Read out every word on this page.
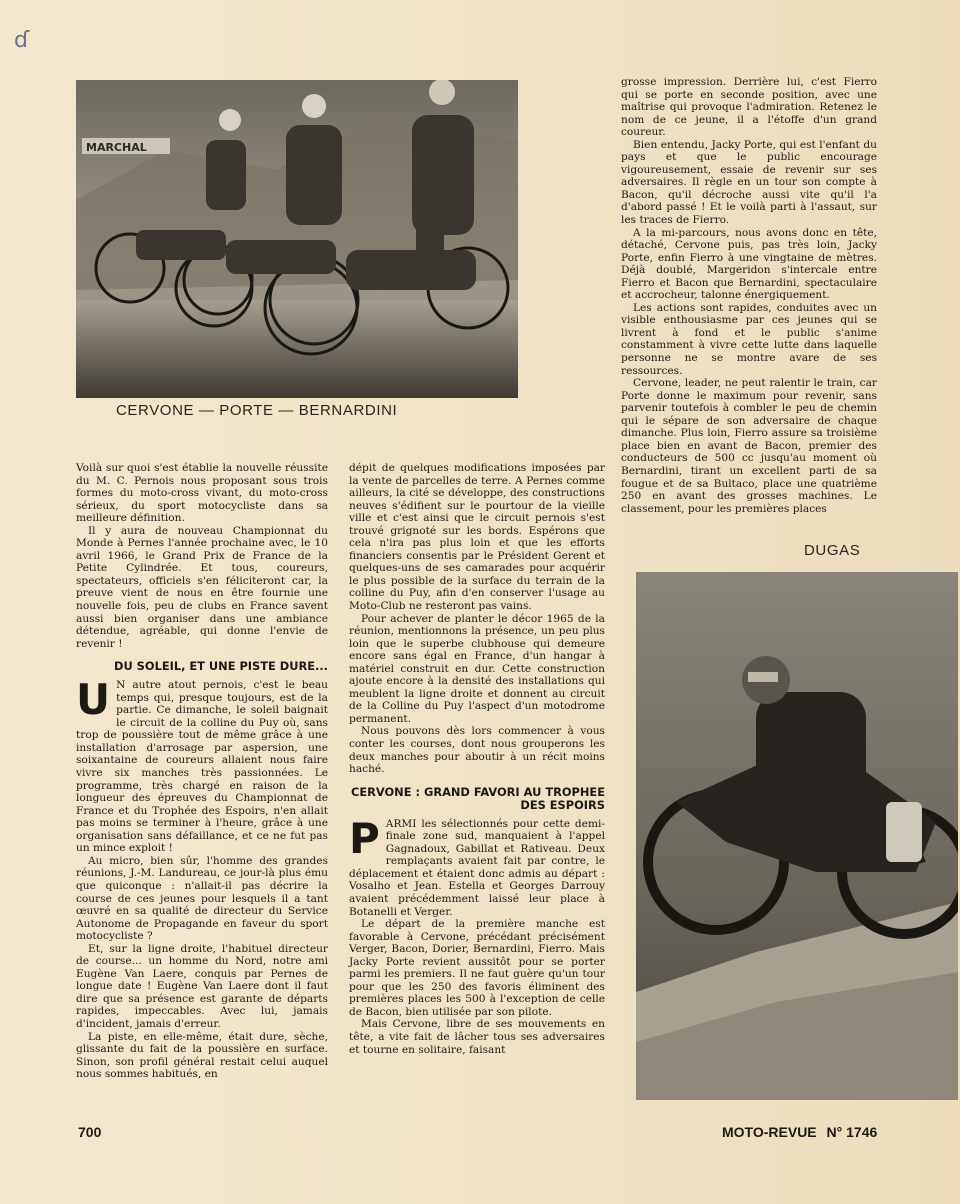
ɗ
MARCHAL
CERVONE — PORTE — BERNARDINI

grosse impression. Derrière lui, c'est Fierro qui se porte en seconde position, avec une maîtrise qui provoque l'admiration. Retenez le nom de ce jeune, il a l'étoffe d'un grand coureur.

Bien entendu, Jacky Porte, qui est l'enfant du pays et que le public encourage vigoureusement, essaie de revenir sur ses adversaires. Il règle en un tour son compte à Bacon, qu'il décroche aussi vite qu'il l'a d'abord passé ! Et le voilà parti à l'assaut, sur les traces de Fierro.

A la mi-parcours, nous avons donc en tête, détaché, Cervone puis, pas très loin, Jacky Porte, enfin Fierro à une vingtaine de mètres. Déjà doublé, Margeridon s'intercale entre Fierro et Bacon que Bernardini, spectaculaire et accrocheur, talonne énergiquement.

Les actions sont rapides, conduites avec un visible enthousiasme par ces jeunes qui se livrent à fond et le public s'anime constamment à vivre cette lutte dans laquelle personne ne se montre avare de ses ressources.

Cervone, leader, ne peut ralentir le train, car Porte donne le maximum pour revenir, sans parvenir toutefois à combler le peu de chemin qui le sépare de son adversaire de chaque dimanche. Plus loin, Fierro assure sa troisième place bien en avant de Bacon, premier des conducteurs de 500 cc jusqu'au moment où Bernardini, tirant un excellent parti de sa fougue et de sa Bultaco, place une quatrième 250 en avant des grosses machines. Le classement, pour les premières places

DUGAS

Voilà sur quoi s'est établie la nouvelle réussite du M. C. Pernois nous proposant sous trois formes du moto-cross vivant, du moto-cross sérieux, du sport motocycliste dans sa meilleure définition.

Il y aura de nouveau Championnat du Monde à Pernes l'année prochaine avec, le 10 avril 1966, le Grand Prix de France de la Petite Cylindrée. Et tous, coureurs, spectateurs, officiels s'en féliciteront car, la preuve vient de nous en être fournie une nouvelle fois, peu de clubs en France savent aussi bien organiser dans une ambiance détendue, agréable, qui donne l'envie de revenir !

DU SOLEIL, ET UNE PISTE DURE...

U N autre atout pernois, c'est le beau temps qui, presque toujours, est de la partie. Ce dimanche, le soleil baignait le circuit de la colline du Puy où, sans trop de poussière tout de même grâce à une installation d'arrosage par aspersion, une soixantaine de coureurs allaient nous faire vivre six manches très passionnées. Le programme, très chargé en raison de la longueur des épreuves du Championnat de France et du Trophée des Espoirs, n'en allait pas moins se terminer à l'heure, grâce à une organisation sans défaillance, et ce ne fut pas un mince exploit !

Au micro, bien sûr, l'homme des grandes réunions, J.-M. Landureau, ce jour-là plus ému que quiconque : n'allait-il pas décrire la course de ces jeunes pour lesquels il a tant œuvré en sa qualité de directeur du Service Autonome de Propagande en faveur du sport motocycliste ?

Et, sur la ligne droite, l'habituel directeur de course... un homme du Nord, notre ami Eugène Van Laere, conquis par Pernes de longue date ! Eugène Van Laere dont il faut dire que sa présence est garante de départs rapides, impeccables. Avec lui, jamais d'incident, jamais d'erreur.

La piste, en elle-même, était dure, sèche, glissante du fait de la poussière en surface. Sinon, son profil général restait celui auquel nous sommes habitués, en

dépit de quelques modifications imposées par la vente de parcelles de terre. A Pernes comme ailleurs, la cité se développe, des constructions neuves s'édifient sur le pourtour de la vieille ville et c'est ainsi que le circuit pernois s'est trouvé grignoté sur les bords. Espérons que cela n'ira pas plus loin et que les efforts financiers consentis par le Président Gerent et quelques-uns de ses camarades pour acquérir le plus possible de la surface du terrain de la colline du Puy, afin d'en conserver l'usage au Moto-Club ne resteront pas vains.

Pour achever de planter le décor 1965 de la réunion, mentionnons la présence, un peu plus loin que le superbe clubhouse qui demeure encore sans égal en France, d'un hangar à matériel construit en dur. Cette construction ajoute encore à la densité des installations qui meublent la ligne droite et donnent au circuit de la Colline du Puy l'aspect d'un motodrome permanent.

Nous pouvons dès lors commencer à vous conter les courses, dont nous grouperons les deux manches pour aboutir à un récit moins haché.

CERVONE : GRAND FAVORI AU TROPHEE DES ESPOIRS

PARMI les sélectionnés pour cette demi-finale zone sud, manquaient à l'appel Gagnadoux, Gabillat et Rativeau. Deux remplaçants avaient fait par contre, le déplacement et étaient donc admis au départ : Vosalho et Jean. Estella et Georges Darrouy avaient précédemment laissé leur place à Botanelli et Verger.

Le départ de la première manche est favorable à Cervone, précédant précisément Verger, Bacon, Dorier, Bernardini, Fierro. Mais Jacky Porte revient aussitôt pour se porter parmi les premiers. Il ne faut guère qu'un tour pour que les 250 des favoris éliminent des premières places les 500 à l'exception de celle de Bacon, bien utilisée par son pilote.

Mais Cervone, libre de ses mouvements en tête, a vite fait de lâcher tous ses adversaires et tourne en solitaire, faisant

700	MOTO-REVUE N° 1746
